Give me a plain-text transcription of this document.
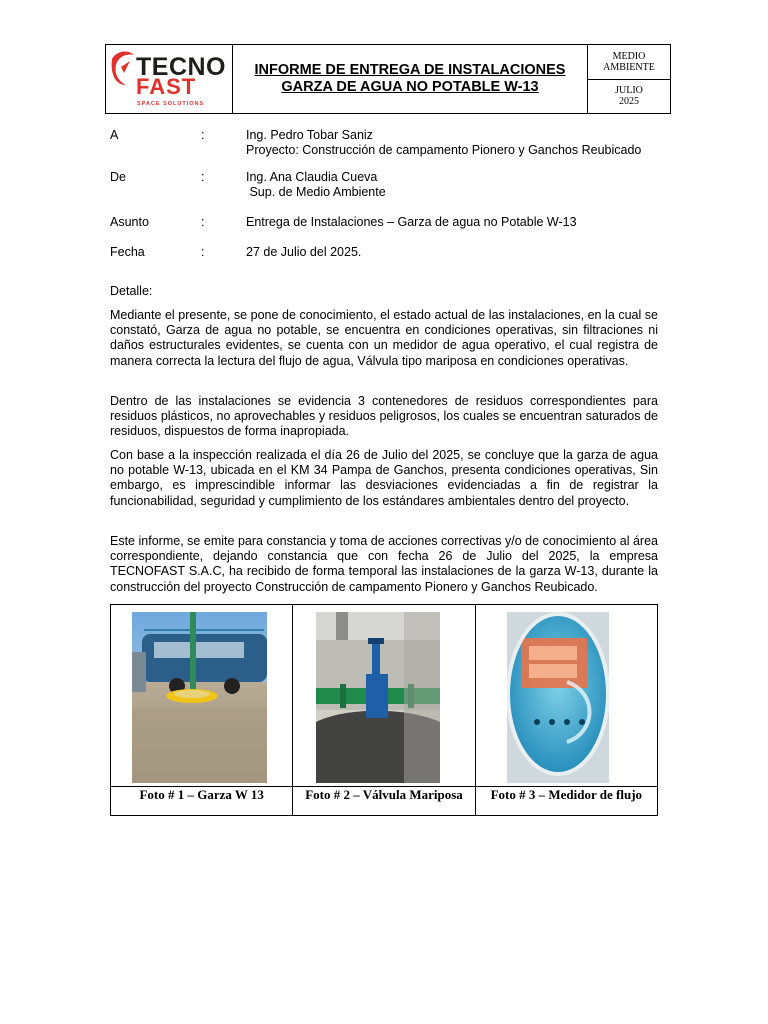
TECNO
FAST
SPACE SOLUTIONS
INFORME DE ENTREGA DE INSTALACIONES
GARZA DE AGUA NO POTABLE W-13
MEDIO
AMBIENTE
JULIO
2025
A	:	Ing. Pedro Tobar Saniz
Proyecto: Construcción de campamento Pionero y Ganchos Reubicado
De	:	Ing. Ana Claudia Cueva
Sup. de Medio Ambiente
Asunto	:	Entrega de Instalaciones – Garza de agua no Potable W-13
Fecha	:	27 de Julio del 2025.
Detalle:
Mediante el presente, se pone de conocimiento, el estado actual de las instalaciones, en la cual se constató, Garza de agua no potable, se encuentra en condiciones operativas, sin filtraciones ni daños estructurales evidentes, se cuenta con un medidor de agua operativo, el cual registra de manera correcta la lectura del flujo de agua, Válvula tipo mariposa en condiciones operativas.
Dentro de las instalaciones se evidencia 3 contenedores de residuos correspondientes para residuos plásticos, no aprovechables y residuos peligrosos, los cuales se encuentran saturados de residuos, dispuestos de forma inapropiada.
Con base a la inspección realizada el día 26 de Julio del 2025, se concluye que la garza de agua no potable W-13, ubicada en el KM 34 Pampa de Ganchos, presenta condiciones operativas, Sin embargo, es imprescindible informar las desviaciones evidenciadas a fin de registrar la funcionabilidad, seguridad y cumplimiento de los estándares ambientales dentro del proyecto.
Este informe, se emite para constancia y toma de acciones correctivas y/o de conocimiento al área correspondiente, dejando constancia que con fecha 26 de Julio del 2025, la empresa TECNOFAST S.A.C, ha recibido de forma temporal las instalaciones de la garza W-13, durante la construcción del proyecto Construcción de campamento Pionero y Ganchos Reubicado.
Foto # 1 – Garza W 13	Foto # 2 – Válvula Mariposa	Foto # 3 – Medidor de flujo
